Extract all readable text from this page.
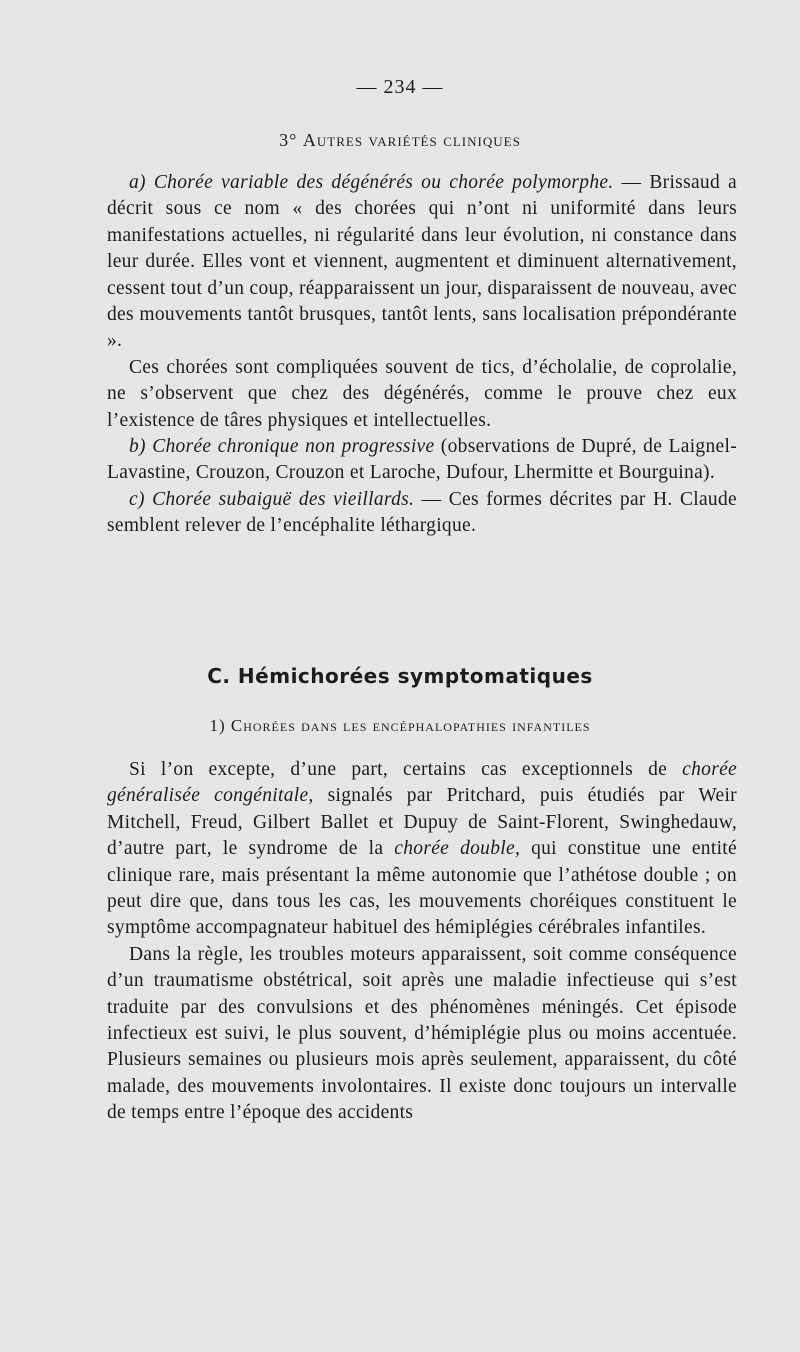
— 234 —
3° Autres variétés cliniques

a) Chorée variable des dégénérés ou chorée polymorphe. — Brissaud a décrit sous ce nom « des chorées qui n’ont ni uniformité dans leurs manifestations actuelles, ni régularité dans leur évolution, ni constance dans leur durée. Elles vont et viennent, augmentent et diminuent alternativement, cessent tout d’un coup, réapparaissent un jour, disparaissent de nouveau, avec des mouvements tantôt brusques, tantôt lents, sans localisation prépondérante ».

Ces chorées sont compliquées souvent de tics, d’écholalie, de coprolalie, ne s’observent que chez des dégénérés, comme le prouve chez eux l’existence de târes physiques et intellectuelles.

b) Chorée chronique non progressive (observations de Dupré, de Laignel-Lavastine, Crouzon, Crouzon et Laroche, Dufour, Lhermitte et Bourguina).

c) Chorée subaiguë des vieillards. — Ces formes décrites par H. Claude semblent relever de l’encéphalite léthargique.

C. Hémichorées symptomatiques
1) Chorées dans les encéphalopathies infantiles

Si l’on excepte, d’une part, certains cas exceptionnels de chorée généralisée congénitale, signalés par Pritchard, puis étudiés par Weir Mitchell, Freud, Gilbert Ballet et Dupuy de Saint-Florent, Swinghedauw, d’autre part, le syndrome de la chorée double, qui constitue une entité clinique rare, mais présentant la même autonomie que l’athétose double ; on peut dire que, dans tous les cas, les mouvements choréiques constituent le symptôme accompagnateur habituel des hémiplégies cérébrales infantiles.

Dans la règle, les troubles moteurs apparaissent, soit comme conséquence d’un traumatisme obstétrical, soit après une maladie infectieuse qui s’est traduite par des convulsions et des phénomènes méningés. Cet épisode infectieux est suivi, le plus souvent, d’hémiplégie plus ou moins accentuée. Plusieurs semaines ou plusieurs mois après seulement, apparaissent, du côté malade, des mouvements involontaires. Il existe donc toujours un intervalle de temps entre l’époque des accidents
